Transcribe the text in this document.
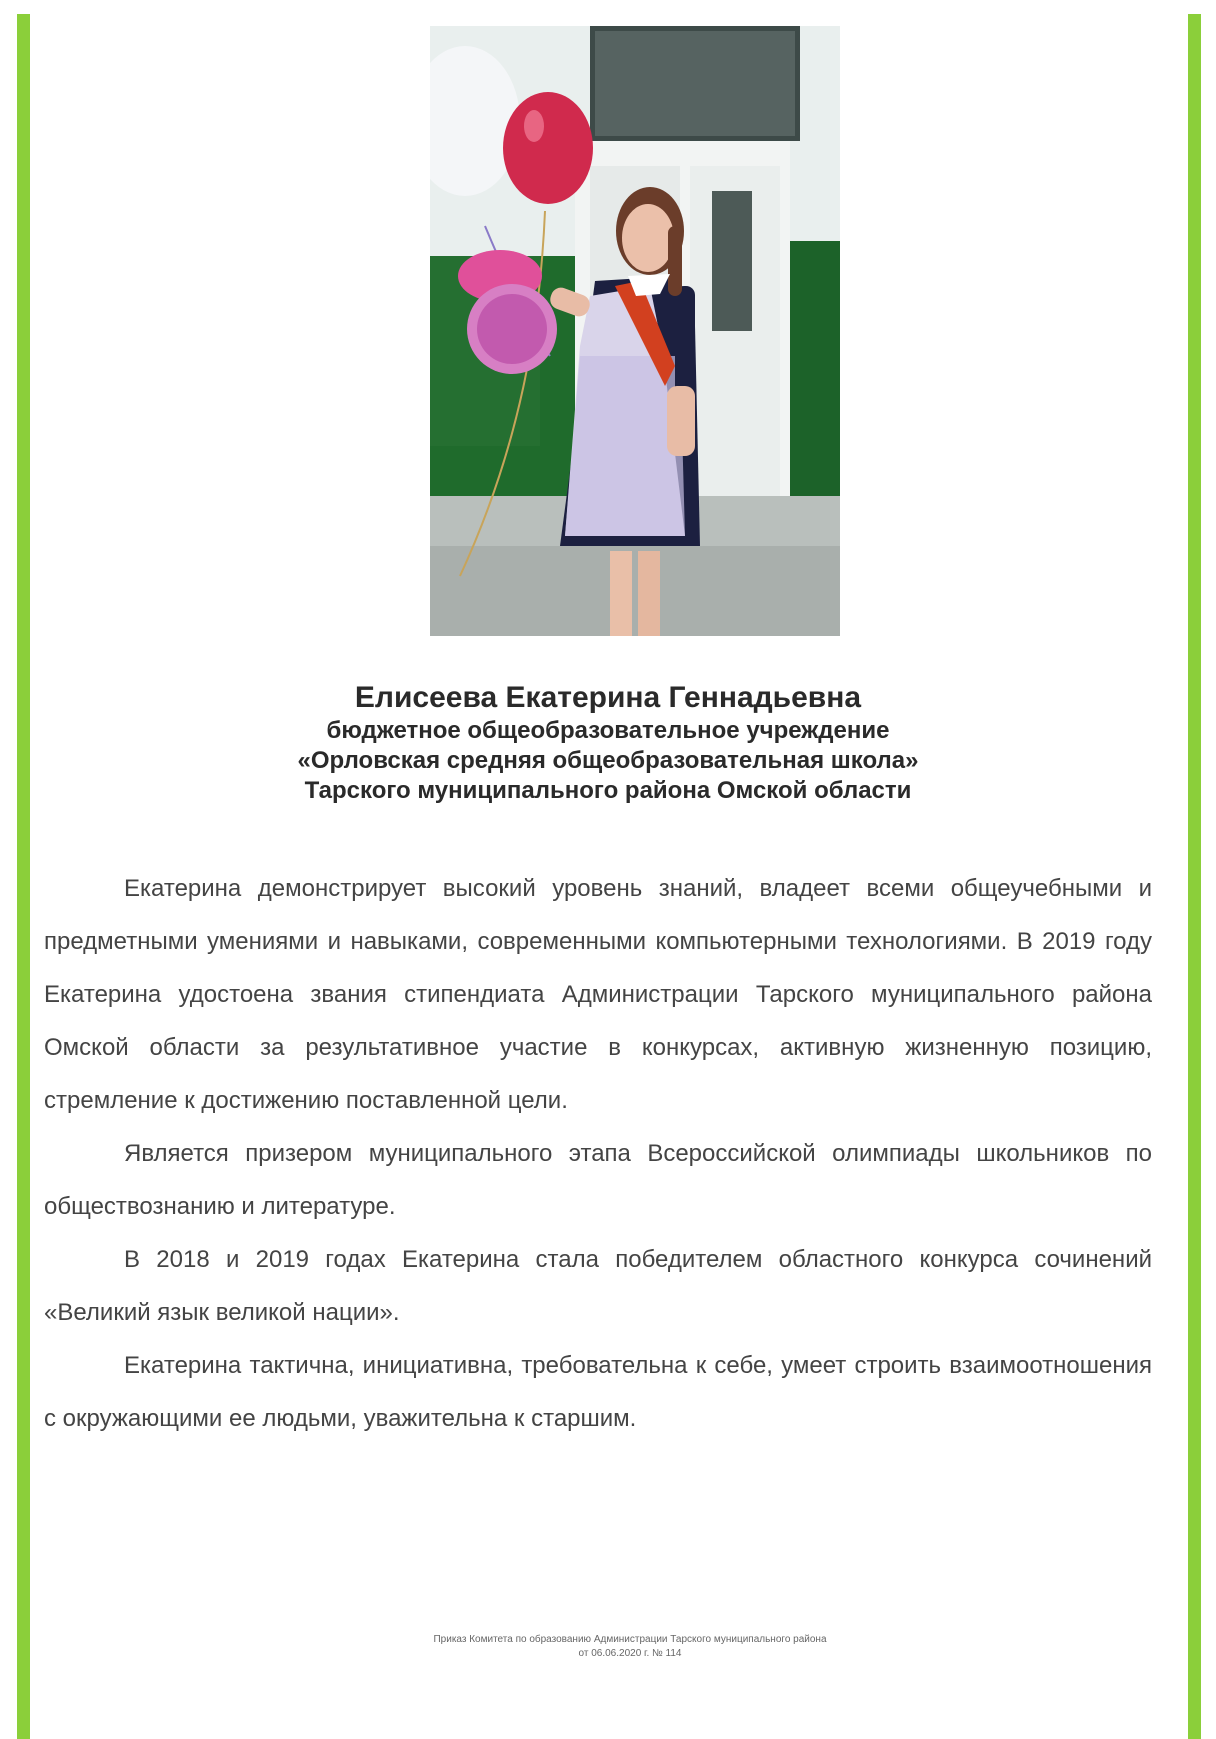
Елисеева Екатерина Геннадьевна

бюджетное общеобразовательное учреждение

«Орловская средняя общеобразовательная школа»

Тарского муниципального района Омской области

Екатерина демонстрирует высокий уровень знаний, владеет всеми общеучебными и предметными умениями и навыками, современными компьютерными технологиями. В 2019 году Екатерина удостоена звания стипендиата Администрации Тарского муниципального района Омской области за результативное участие в конкурсах, активную жизненную позицию, стремление к достижению поставленной цели.

Является призером муниципального этапа Всероссийской олимпиады школьников по обществознанию и литературе.

В 2018 и 2019 годах Екатерина стала победителем областного конкурса сочинений «Великий язык великой нации».

Екатерина тактична, инициативна, требовательна к себе, умеет строить взаимоотношения с окружающими ее людьми, уважительна к старшим.

Приказ Комитета по образованию Администрации Тарского муниципального района
от 06.06.2020 г. № 114
